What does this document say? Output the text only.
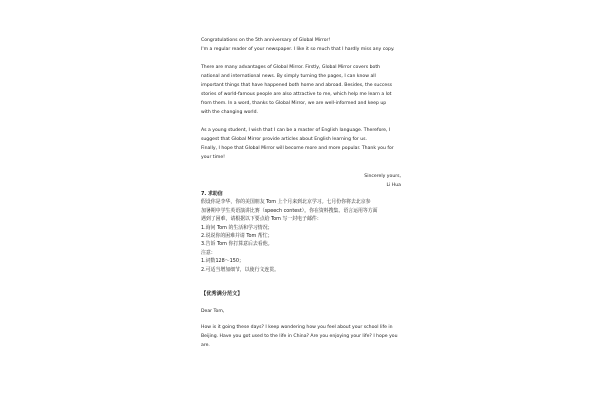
Congratulations on the 5th anniversary of Global Mirror!

I'm a regular reader of your newspaper. I like it so much that I hardly miss any copy.

There are many advantages of Global Mirror. Firstly, Global Mirror covers both

national and international news. By simply turning the pages, I can know all

important things that have happened both home and abroad. Besides, the success

stories of world-famous people are also attractive to me, which help me learn a lot

from them. In a word, thanks to Global Mirror, we are well-informed and keep up

with the changing world.

As a young student, I wish that I can be a master of English language. Therefore, I

suggest that Global Mirror provide articles about English learning for us.

Finally, I hope that Global Mirror will become more and more popular. Thank you for

your time!

Sincerely yours,

Li Hua

7. 求助信

假设你是李华，你的美国朋友 Tom 上个月来到北京学习。七月份你将去北京参

加暑期中学生英语演讲比赛（speech contest）。你在资料搜集、语言运用等方面

遇到了困难，请根据以下要点给 Tom 写一封电子邮件：

1.询问 Tom 的生活和学习情况；

2.说说你的困难并请 Tom 帮忙；

3.告诉 Tom 你打算意后去看他。

注意：

1.词数128～150；

2.可适当增加细节，以使行文连贯。

【优秀满分范文】
Dear Tom,

How is it going these days? I keep wondering how you feel about your school life in

Beijing. Have you got used to the life in China? Are you enjoying your life? I hope you

are.
